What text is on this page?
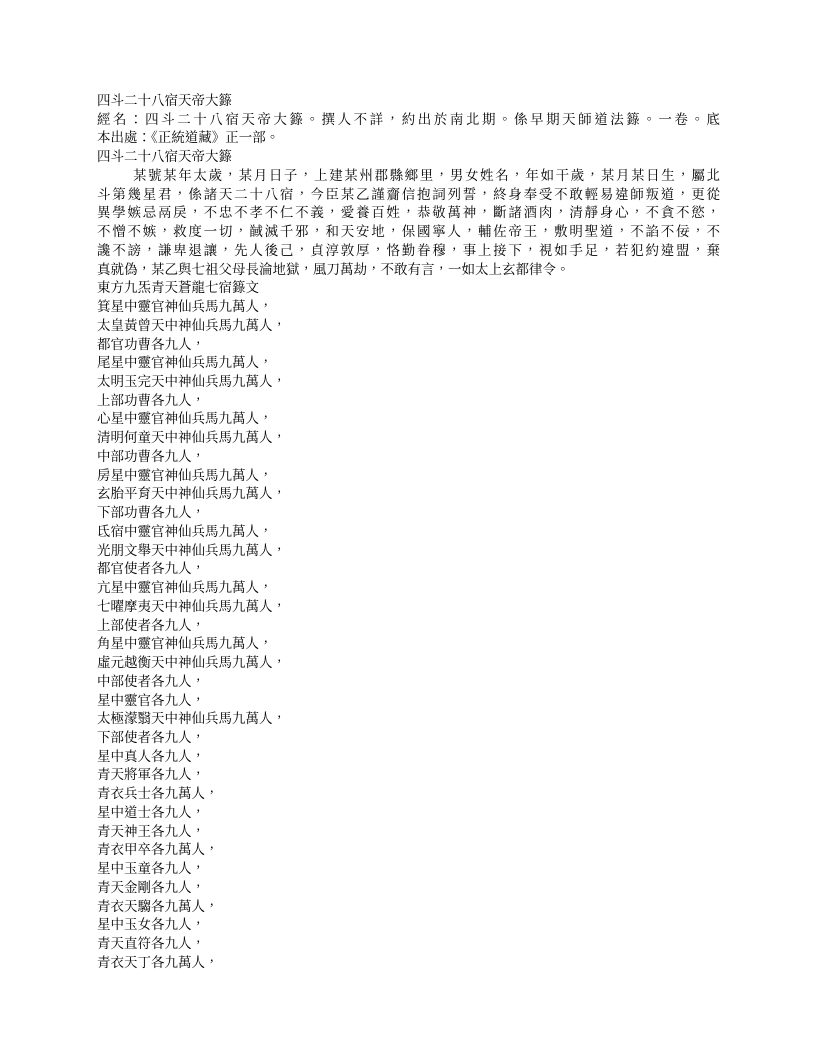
四斗二十八宿天帝大籙

經名：四斗二十八宿天帝大籙。撰人不詳，約出於南北期。係早期天師道法籙。一卷。底

本出處：《正統道藏》正一部。

四斗二十八宿天帝大籙

某號某年太歲，某月日子，上建某州郡縣鄉里，男女姓名，年如干歲，某月某日生，屬北

斗第幾星君，係諸天二十八宿，今臣某乙謹齎信抱詞列誓，終身奉受不敢輕易違師叛道，更從

異學嫉忌鬲戾，不忠不孝不仁不義，愛養百姓，恭敬萬神，斷諸酒肉，清靜身心，不貪不慾，

不憎不嫉，救度一切，馘滅千邪，和天安地，保國寧人，輔佐帝王，敷明聖道，不諂不佞，不

讒不謗，謙卑退讓，先人後己，貞淳敦厚，恪勤眷穆，事上接下，視如手足，若犯約違盟，棄

真就偽，某乙與七祖父母長淪地獄，風刀萬劫，不敢有言，一如太上玄都律令。

東方九炁青天蒼龍七宿籙文

箕星中靈官神仙兵馬九萬人，

太皇黃曾天中神仙兵馬九萬人，

都官功曹各九人，

尾星中靈官神仙兵馬九萬人，

太明玉完天中神仙兵馬九萬人，

上部功曹各九人，

心星中靈官神仙兵馬九萬人，

清明何童天中神仙兵馬九萬人，

中部功曹各九人，

房星中靈官神仙兵馬九萬人，

玄胎平育天中神仙兵馬九萬人，

下部功曹各九人，

氐宿中靈官神仙兵馬九萬人，

光朋文舉天中神仙兵馬九萬人，

都官使者各九人，

亢星中靈官神仙兵馬九萬人，

七曜摩夷天中神仙兵馬九萬人，

上部使者各九人，

角星中靈官神仙兵馬九萬人，

虛元越衡天中神仙兵馬九萬人，

中部使者各九人，

星中靈官各九人，

太極濛翳天中神仙兵馬九萬人，

下部使者各九人，

星中真人各九人，

青天將軍各九人，

青衣兵士各九萬人，

星中道士各九人，

青天神王各九人，

青衣甲卒各九萬人，

星中玉童各九人，

青天金剛各九人，

青衣天騶各九萬人，

星中玉女各九人，

青天直符各九人，

青衣天丁各九萬人，
